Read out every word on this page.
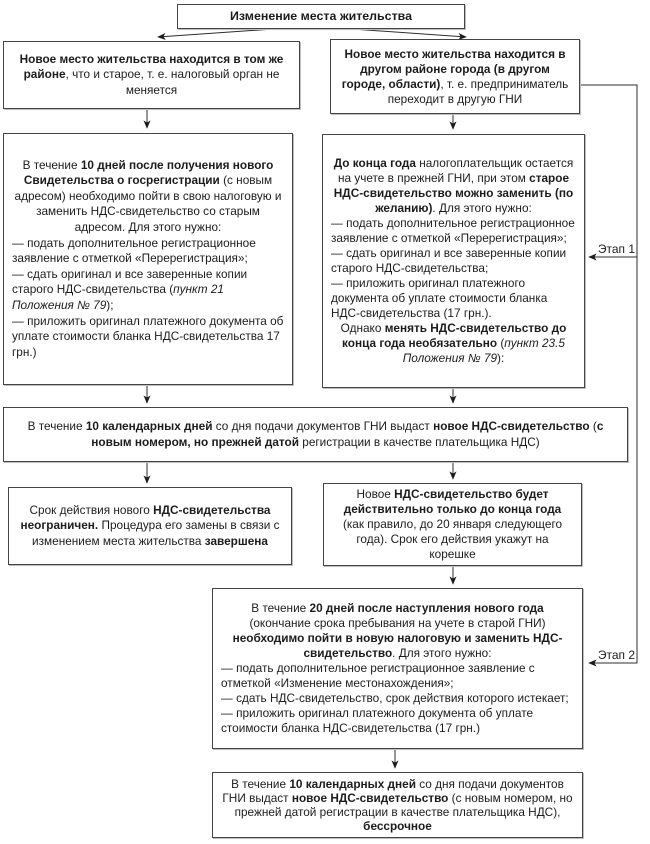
Изменение места жительства
Новое место жительства находится в том же районе, что и старое, т. е. налоговый орган не меняется
Новое место жительства находится в другом районе города (в другом городе, области), т. е. предприниматель переходит в другую ГНИ
В течение 10 дней после получения нового Свидетельства о госрегистрации (с новым адресом) необходимо пойти в свою налоговую и заменить НДС-свидетельство со старым адресом. Для этого нужно:
— подать дополнительное регистрационное заявление с отметкой «Перерегистрация»;
— сдать оригинал и все заверенные копии старого НДС-свидетельства (пункт 21 Положения № 79);
— приложить оригинал платежного документа об уплате стоимости бланка НДС-свидетельства 17 грн.)
До конца года налогоплательщик остается на учете в прежней ГНИ, при этом старое НДС-свидетельство можно заменить (по желанию). Для этого нужно:
— подать дополнительное регистрационное заявление с отметкой «Перерегистрация»;
— сдать оригинал и все заверенные копии старого НДС-свидетельства;
— приложить оригинал платежного документа об уплате стоимости бланка НДС-свидетельства (17 грн.).
Однако менять НДС-свидетельство до конца года необязательно (пункт 23.5 Положения № 79):
В течение 10 календарных дней со дня подачи документов ГНИ выдаст новое НДС-свидетельство (с новым номером, но прежней датой регистрации в качестве плательщика НДС)
Срок действия нового НДС-свидетельства неограничен. Процедура его замены в связи с изменением места жительства завершена
Новое НДС-свидетельство будет действительно только до конца года (как правило, до 20 января следующего года). Срок его действия укажут на корешке
В течение 20 дней после наступления нового года (окончание срока пребывания на учете в старой ГНИ) необходимо пойти в новую налоговую и заменить НДС-свидетельство. Для этого нужно:
— подать дополнительное регистрационное заявление с отметкой «Изменение местонахождения»;
— сдать НДС-свидетельство, срок действия которого истекает;
— приложить оригинал платежного документа об уплате стоимости бланка НДС-свидетельства (17 грн.)
В течение 10 календарных дней со дня подачи документов ГНИ выдаст новое НДС-свидетельство (с новым номером, но прежней датой регистрации в качестве плательщика НДС), бессрочное
Этап 1
Этап 2
